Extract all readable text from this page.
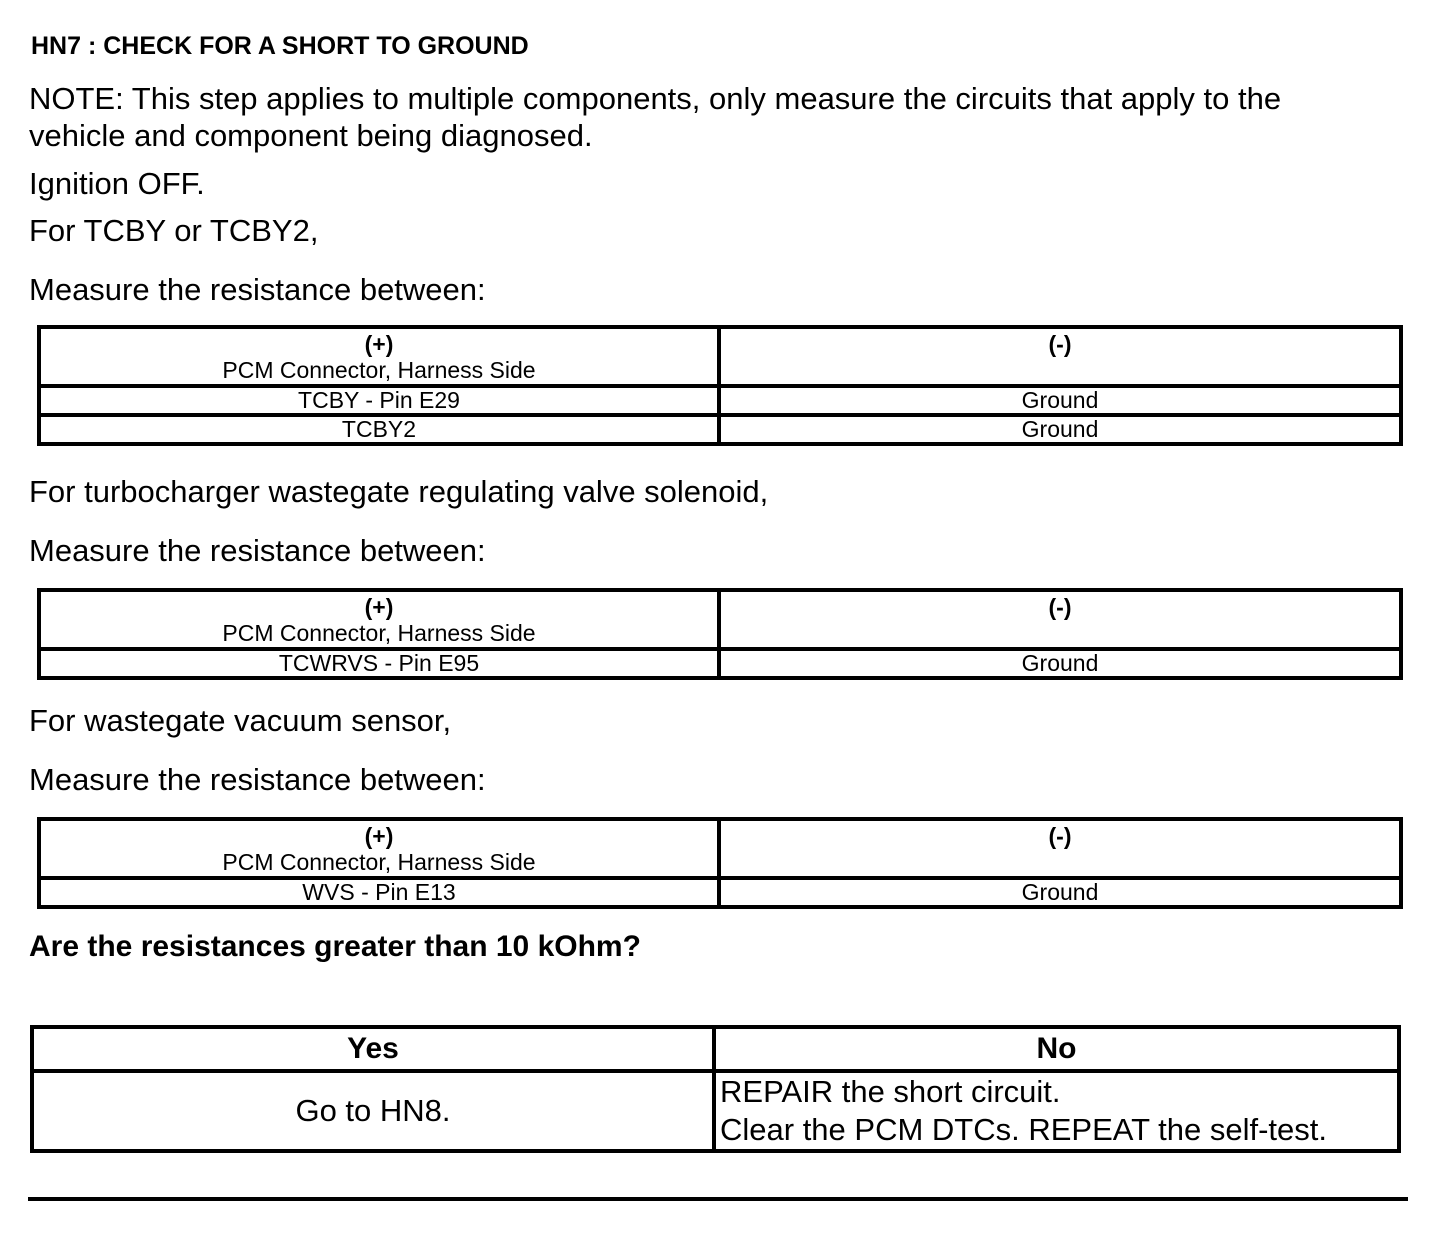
HN7 : CHECK FOR A SHORT TO GROUND
NOTE: This step applies to multiple components, only measure the circuits that apply to the
vehicle and component being diagnosed.
Ignition OFF.
For TCBY or TCBY2,
Measure the resistance between:
(+)
PCM Connector, Harness Side	(-)
TCBY - Pin E29	Ground
TCBY2	Ground
For turbocharger wastegate regulating valve solenoid,
Measure the resistance between:
(+)
PCM Connector, Harness Side	(-)
TCWRVS - Pin E95	Ground
For wastegate vacuum sensor,
Measure the resistance between:
(+)
PCM Connector, Harness Side	(-)
WVS - Pin E13	Ground
Are the resistances greater than 10 kOhm?
Yes	No
Go to HN8.	REPAIR the short circuit.
Clear the PCM DTCs. REPEAT the self-test.
